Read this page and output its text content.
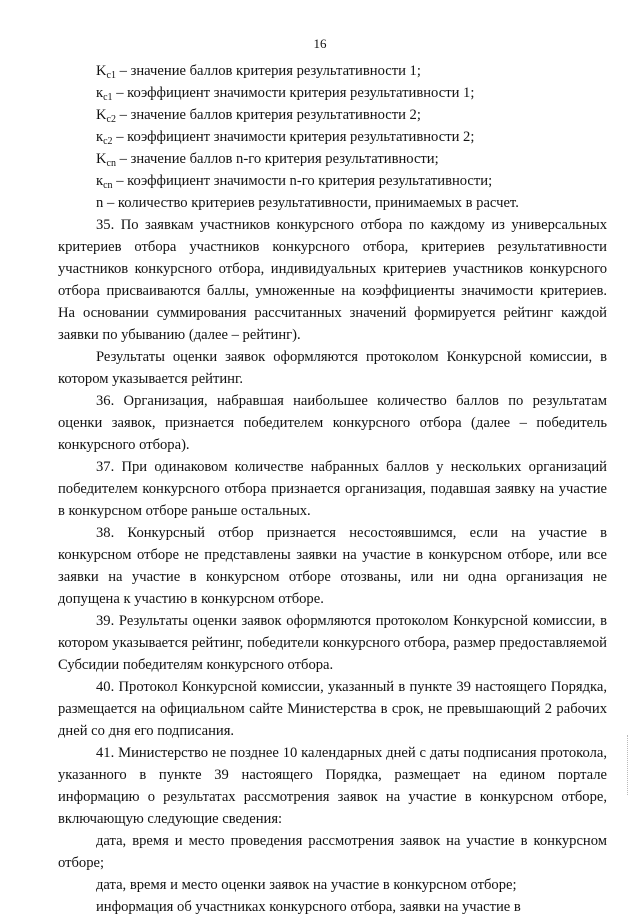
16

$K_{c1}$ – значение баллов критерия результативности 1;

$к_{c1}$ – коэффициент значимости критерия результативности 1;

$K_{c2}$ – значение баллов критерия результативности 2;

$к_{c2}$ – коэффициент значимости критерия результативности 2;

$K_{cn}$ – значение баллов n-го критерия результативности;

$к_{cn}$ – коэффициент значимости n-го критерия результативности;

n – количество критериев результативности, принимаемых в расчет.

35. По заявкам участников конкурсного отбора по каждому из универсальных критериев отбора участников конкурсного отбора, критериев результативности участников конкурсного отбора, индивидуальных критериев участников конкурсного отбора присваиваются баллы, умноженные на коэффициенты значимости критериев. На основании суммирования рассчитанных значений формируется рейтинг каждой заявки по убыванию (далее – рейтинг).

Результаты оценки заявок оформляются протоколом Конкурсной комиссии, в котором указывается рейтинг.

36. Организация, набравшая наибольшее количество баллов по результатам оценки заявок, признается победителем конкурсного отбора (далее – победитель конкурсного отбора).

37. При одинаковом количестве набранных баллов у нескольких организаций победителем конкурсного отбора признается организация, подавшая заявку на участие в конкурсном отборе раньше остальных.

38. Конкурсный отбор признается несостоявшимся, если на участие в конкурсном отборе не представлены заявки на участие в конкурсном отборе, или все заявки на участие в конкурсном отборе отозваны, или ни одна организация не допущена к участию в конкурсном отборе.

39. Результаты оценки заявок оформляются протоколом Конкурсной комиссии, в котором указывается рейтинг, победители конкурсного отбора, размер предоставляемой Субсидии победителям конкурсного отбора.

40. Протокол Конкурсной комиссии, указанный в пункте 39 настоящего Порядка, размещается на официальном сайте Министерства в срок, не превышающий 2 рабочих дней со дня его подписания.

41. Министерство не позднее 10 календарных дней с даты подписания протокола, указанного в пункте 39 настоящего Порядка, размещает на едином портале информацию о результатах рассмотрения заявок на участие в конкурсном отборе, включающую следующие сведения:

дата, время и место проведения рассмотрения заявок на участие в конкурсном отборе;

дата, время и место оценки заявок на участие в конкурсном отборе;

информация об участниках конкурсного отбора, заявки на участие в
